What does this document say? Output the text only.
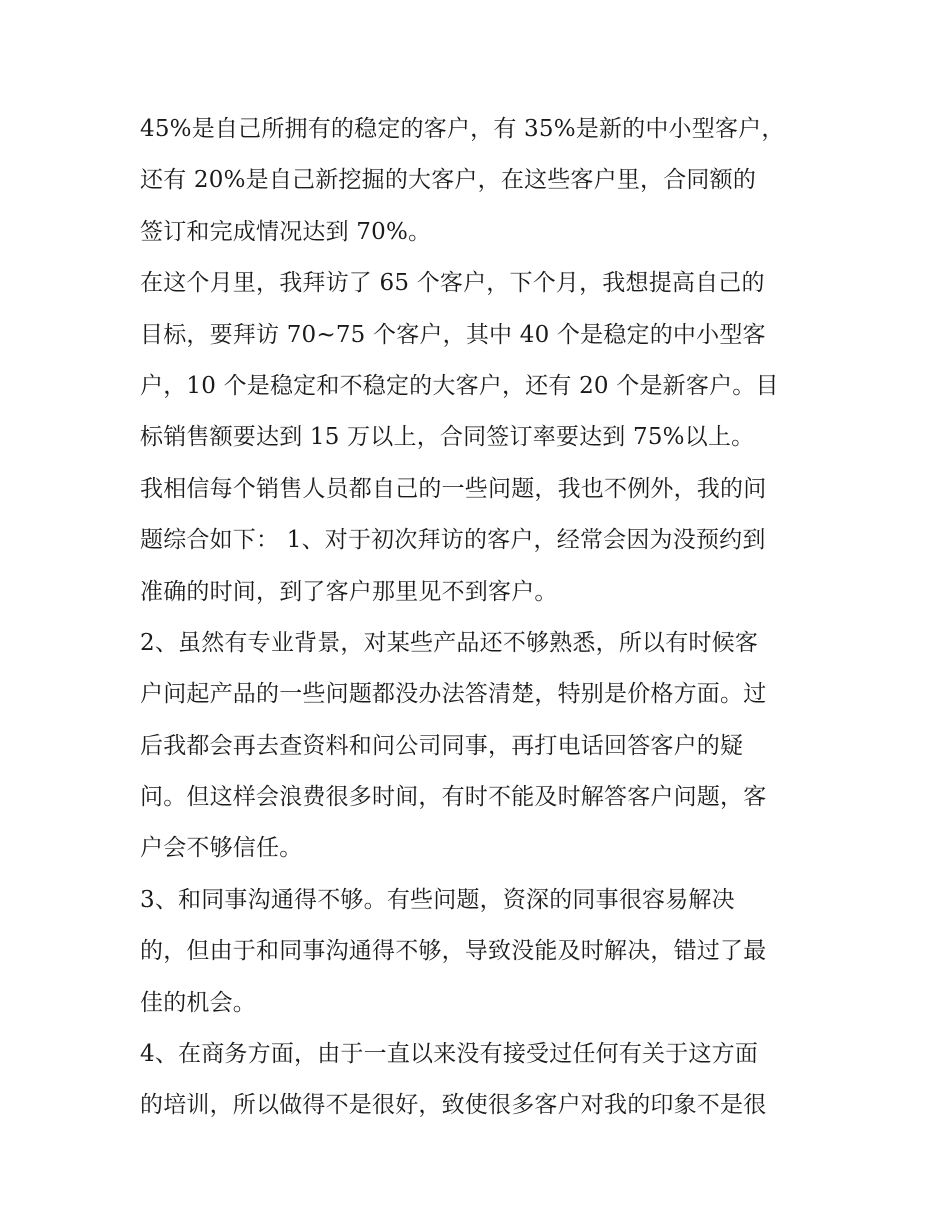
45%是自己所拥有的稳定的客户，有 35%是新的中小型客户，
还有 20%是自己新挖掘的大客户，在这些客户里，合同额的
签订和完成情况达到 70%。
在这个月里，我拜访了 65 个客户，下个月，我想提高自己的
目标，要拜访 70~75 个客户，其中 40 个是稳定的中小型客
户，10 个是稳定和不稳定的大客户，还有 20 个是新客户。目
标销售额要达到 15 万以上，合同签订率要达到 75%以上。
我相信每个销售人员都自己的一些问题，我也不例外，我的问
题综合如下： 1、对于初次拜访的客户，经常会因为没预约到
准确的时间，到了客户那里见不到客户。
2、虽然有专业背景，对某些产品还不够熟悉，所以有时候客
户问起产品的一些问题都没办法答清楚，特别是价格方面。过
后我都会再去查资料和问公司同事，再打电话回答客户的疑
问。但这样会浪费很多时间，有时不能及时解答客户问题，客
户会不够信任。
3、和同事沟通得不够。有些问题，资深的同事很容易解决
的，但由于和同事沟通得不够，导致没能及时解决，错过了最
佳的机会。
4、在商务方面，由于一直以来没有接受过任何有关于这方面
的培训，所以做得不是很好，致使很多客户对我的印象不是很
